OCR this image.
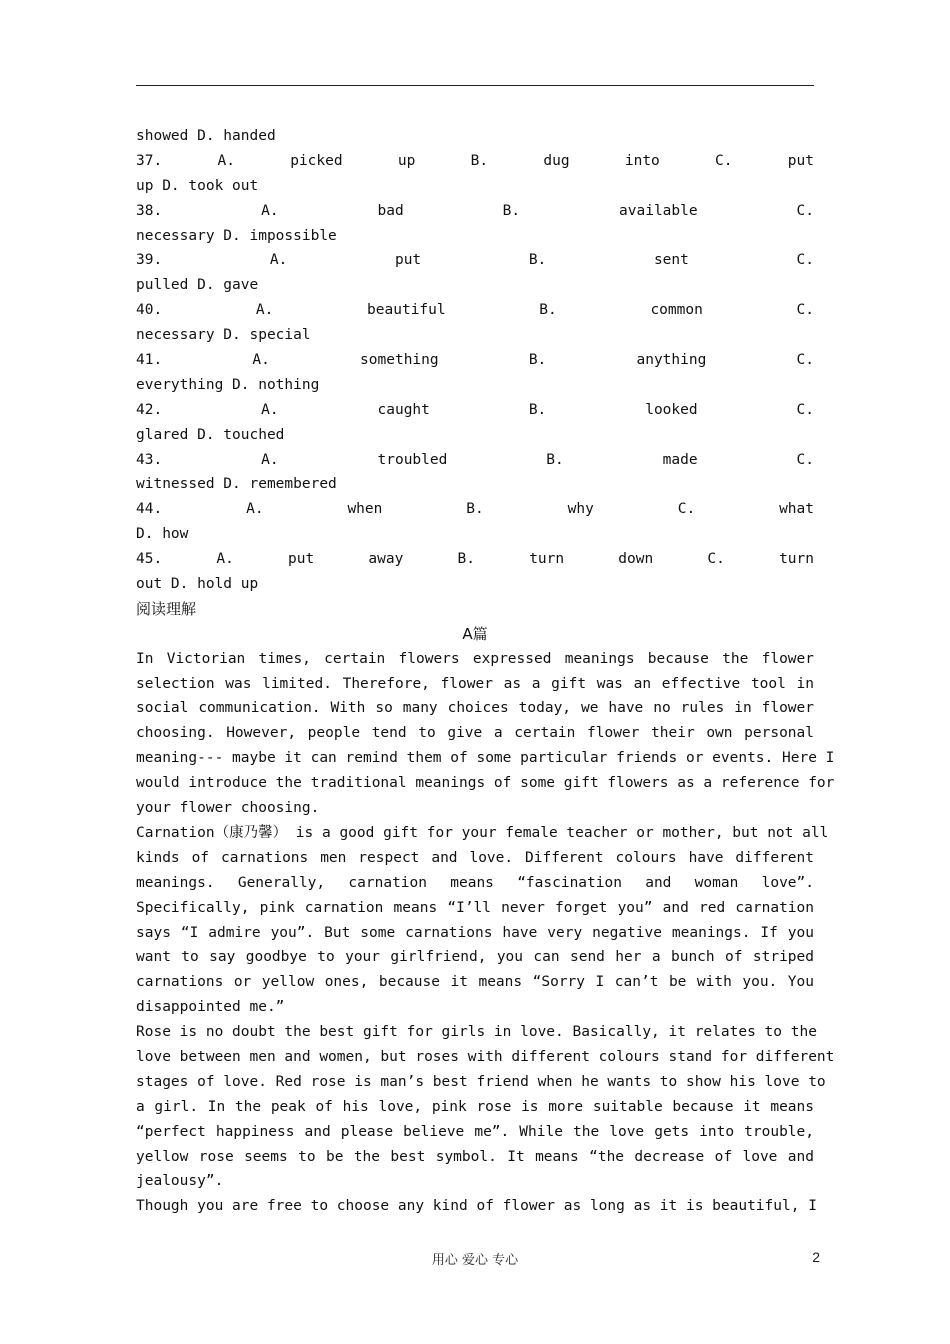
showed D. handed
37. A. picked up B. dug into C. put
up D. took out
38. A. bad B. available C.
necessary D. impossible
39. A. put B. sent C.
pulled D. gave
40. A. beautiful B. common C.
necessary D. special
41. A. something B. anything C.
everything D. nothing
42. A. caught B. looked C.
glared D. touched
43. A. troubled B. made C.
witnessed D. remembered
44. A. when B. why C. what
D. how
45. A. put away B. turn down C. turn
out D. hold up
阅读理解
A篇
In Victorian times, certain flowers expressed meanings because the flower
selection was limited. Therefore, flower as a gift was an effective tool in
social communication. With so many choices today, we have no rules in flower
choosing. However, people tend to give a certain flower their own personal
meaning--- maybe it can remind them of some particular friends or events. Here I
would introduce the traditional meanings of some gift flowers as a reference for
your flower choosing.
Carnation（康乃馨） is a good gift for your female teacher or mother, but not all
kinds of carnations men respect and love. Different colours have different
meanings. Generally, carnation means “fascination and woman love”.
Specifically, pink carnation means “I’ll never forget you” and red carnation
says “I admire you”. But some carnations have very negative meanings. If you
want to say goodbye to your girlfriend, you can send her a bunch of striped
carnations or yellow ones, because it means “Sorry I can’t be with you. You
disappointed me.”
Rose is no doubt the best gift for girls in love. Basically, it relates to the
love between men and women, but roses with different colours stand for different
stages of love. Red rose is man’s best friend when he wants to show his love to
a girl. In the peak of his love, pink rose is more suitable because it means
“perfect happiness and please believe me”. While the love gets into trouble,
yellow rose seems to be the best symbol. It means “the decrease of love and
jealousy”.
Though you are free to choose any kind of flower as long as it is beautiful, I
用心 爱心 专心	2
